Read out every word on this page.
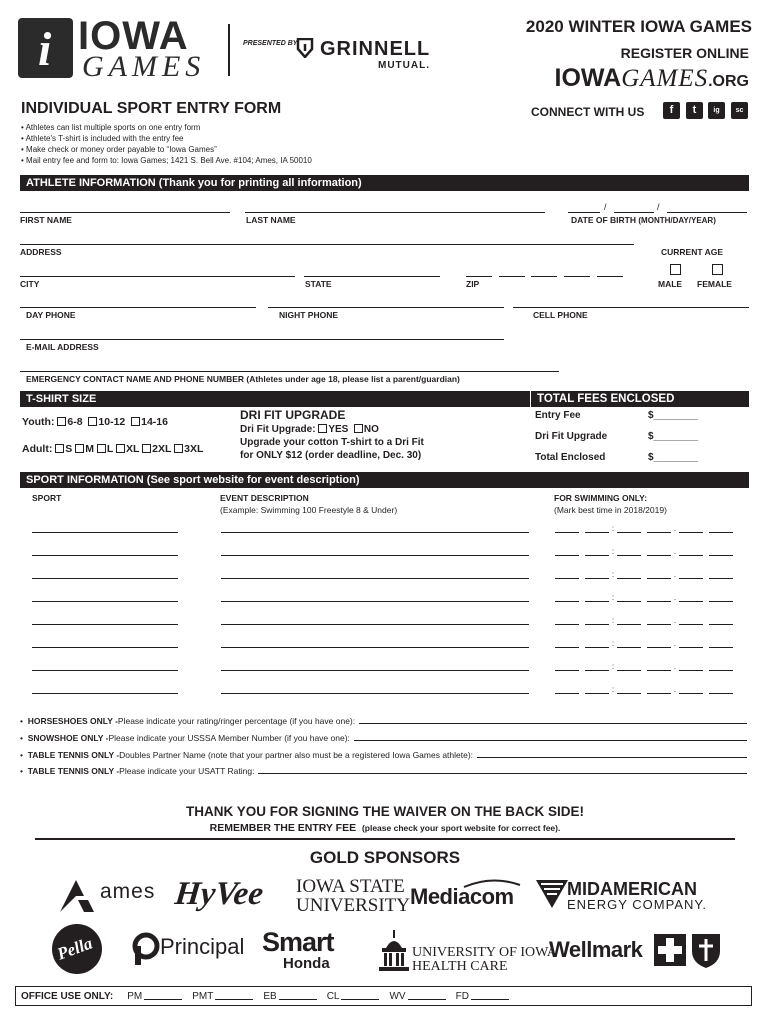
i IOWA
GAMES
PRESENTED BY GRINNELL
MUTUAL.
2020 WINTER IOWA GAMES
REGISTER ONLINE
IOWAGAMES.ORG
INDIVIDUAL SPORT ENTRY FORM	CONNECT WITH US	f	t	ig	sc
• Athletes can list multiple sports on one entry form
• Athlete's T-shirt is included with the entry fee
• Make check or money order payable to “Iowa Games”
• Mail entry fee and form to: Iowa Games; 1421 S. Bell Ave. #104; Ames, IA 50010
ATHLETE INFORMATION (Thank you for printing all information)
FIRST NAME	LAST NAME
/	/
DATE OF BIRTH (MONTH/DAY/YEAR)
ADDRESS	CURRENT AGE
CITY	STATE	ZIP	MALE FEMALE
DAY PHONE	NIGHT PHONE	CELL PHONE
E-MAIL ADDRESS
EMERGENCY CONTACT NAME AND PHONE NUMBER (Athletes under age 18, please list a parent/guardian)
T-SHIRT SIZE
Youth: 6-8 10-12 14-16
Adult: S M L XL 2XL 3XL
DRI FIT UPGRADE
Dri Fit Upgrade: YES NO
Upgrade your cotton T-shirt to a Dri Fit
for ONLY $12 (order deadline, Dec. 30)
TOTAL FEES ENCLOSED
Entry Fee	$________
Dri Fit Upgrade	$________
Total Enclosed	$________
SPORT INFORMATION (See sport website for event description)
SPORT	EVENT DESCRIPTION
(Example: Swimming 100 Freestyle 8 & Under)
FOR SWIMMING ONLY:
(Mark best time in 2018/2019)
:	.
:	.
:	.
:	.
:	.
:	.
:	.
:	.
• HORSESHOES ONLY - Please indicate your rating/ringer percentage (if you have one):
• SNOWSHOE ONLY - Please indicate your USSSA Member Number (if you have one):
• TABLE TENNIS ONLY - Doubles Partner Name (note that your partner also must be a registered Iowa Games athlete):
• TABLE TENNIS ONLY - Please indicate your USATT Rating:
THANK YOU FOR SIGNING THE WAIVER ON THE BACK SIDE!
REMEMBER THE ENTRY FEE (please check your sport website for correct fee).
GOLD SPONSORS
ames HyVee IOWA STATE
UNIVERSITY Mediacom	MIDAMERICAN
ENERGY COMPANY.
Pella	Principal Smart
Honda
UNIVERSITY OF IOWA
HEALTH CARE
Wellmark
OFFICE USE ONLY: PM	PMT	EB	CL	WV	FD
